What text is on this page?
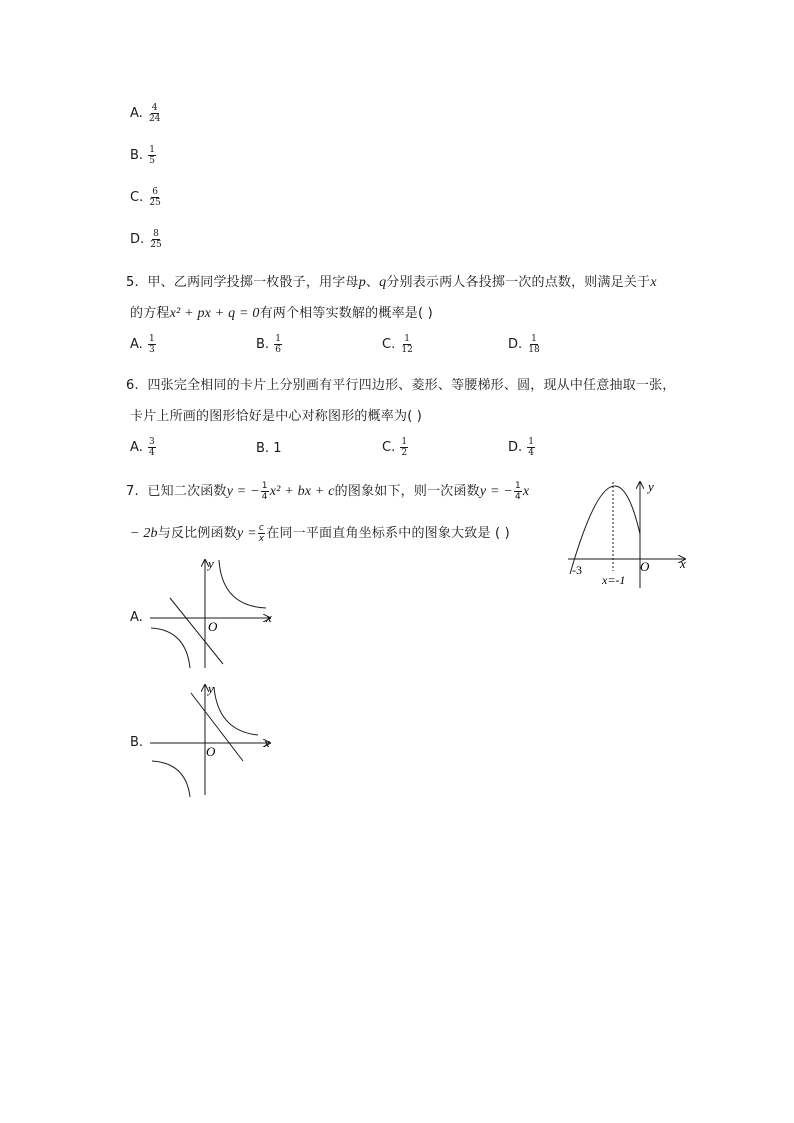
A. $\frac{4}{24}$
B. $\frac{1}{5}$
C. $\frac{6}{25}$
D. $\frac{8}{25}$
5. 甲、乙两同学投掷一枚骰子，用字母p、q分别表示两人各投掷一次的点数，则满足关于x
的方程x² + px + q = 0有两个相等实数解的概率是( )
A. $\frac{1}{3}$	B. $\frac{1}{6}$	C. $\frac{1}{12}$	D. $\frac{1}{18}$
6. 四张完全相同的卡片上分别画有平行四边形、菱形、等腰梯形、圆，现从中任意抽取一张，
卡片上所画的图形恰好是中心对称图形的概率为( )
A. $\frac{3}{4}$	B. 1	C. $\frac{1}{2}$	D. $\frac{1}{4}$
7. 已知二次函数y = − $\frac{1}{4} x^2$ + bx + c的图象如下，则一次函数y = − $\frac{1}{4}$ x
− 2b与反比例函数$y = \frac{c}{x}$ 在同一平面直角坐标系中的图象大致是 ( )
y
x
-3
x=-1
O
A.
y
x
O
B.
y
x
O
